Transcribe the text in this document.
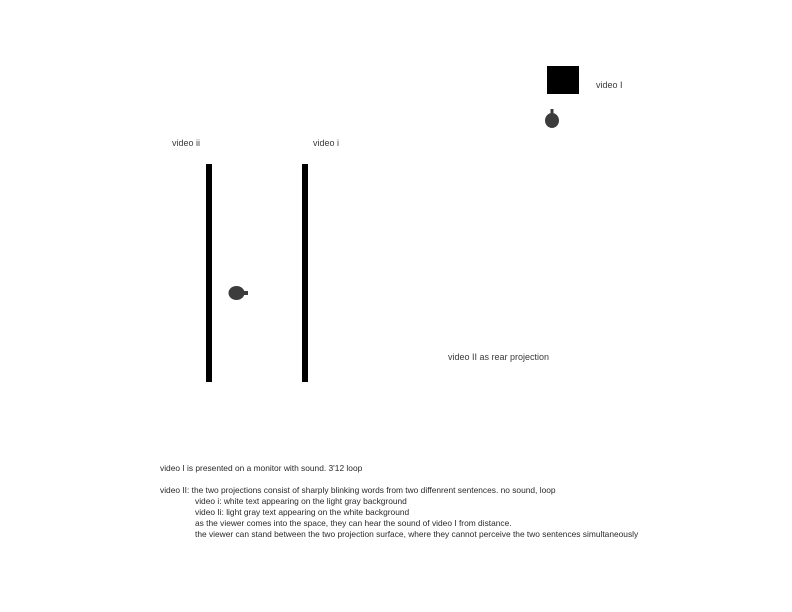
video I
video ii	video i
video II as rear projection
video I is presented on a monitor with sound. 3'12 loop
video II: the two projections consist of sharply blinking words from two diffenrent sentences. no sound, loop
video i: white text appearing on the light gray background
video Ii: light gray text appearing on the white background
as the viewer comes into the space, they can hear the sound of video I from distance.
the viewer can stand between the two projection surface, where they cannot perceive the two sentences simultaneously
